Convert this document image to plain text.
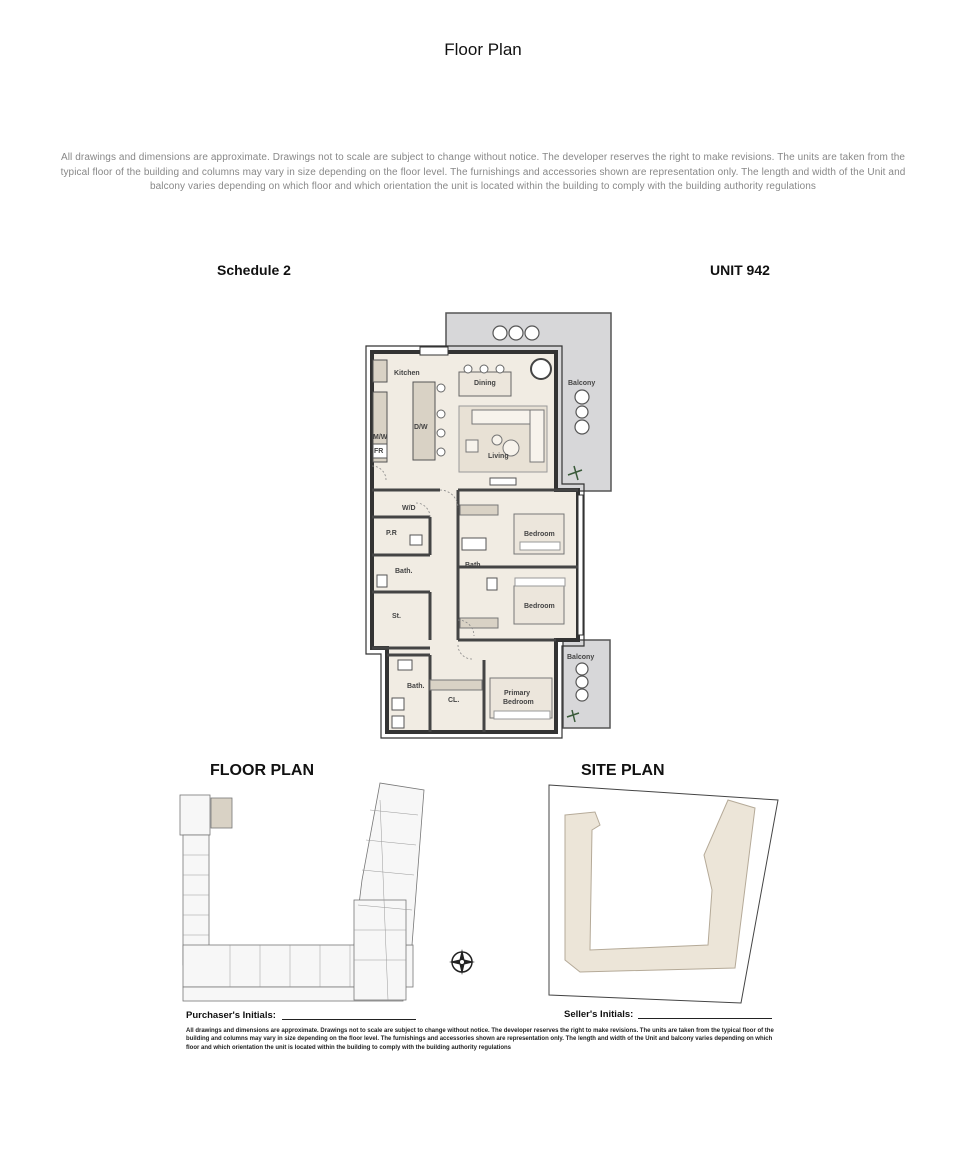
Floor Plan
All drawings and dimensions are approximate. Drawings not to scale are subject to change without notice. The developer reserves the right to make revisions. The units are taken from the typical floor of the building and columns may vary in size depending on the floor level. The furnishings and accessories shown are representation only. The length and width of the Unit and balcony varies depending on which floor and which orientation the unit is located within the building to comply with the building authority regulations
Schedule 2	UNIT 942
Kitchen
Dining	Balcony
D/W
M/W
FR
Living
W/D
P.R
Bath.
Bath.
Bedroom
Bedroom
St.
Balcony
Bath.
CL.
Primary
Bedroom
FLOOR PLAN	SITE PLAN
Purchaser's Initials:	Seller's Initials:
All drawings and dimensions are approximate. Drawings not to scale are subject to change without notice. The developer reserves the right to make revisions. The units are taken from the typical floor of the building and columns may vary in size depending on the floor level. The furnishings and accessories shown are representation only. The length and width of the Unit and balcony varies depending on which floor and which orientation the unit is located within the building to comply with the building authority regulations
